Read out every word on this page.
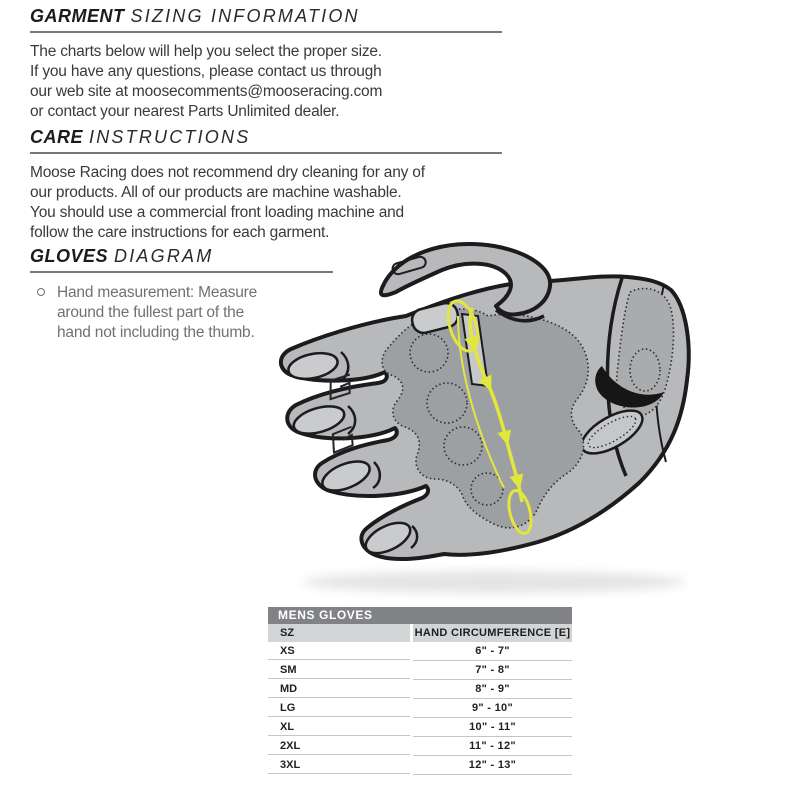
GARMENT SIZING INFORMATION
The charts below will help you select the proper size.
If you have any questions, please contact us through
our web site at moosecomments@mooseracing.com
or contact your nearest Parts Unlimited dealer.
CARE INSTRUCTIONS
Moose Racing does not recommend dry cleaning for any of
our products. All of our products are machine washable.
You should use a commercial front loading machine and
follow the care instructions for each garment.
GLOVES DIAGRAM
Hand measurement: Measure
around the fullest part of the
hand not including the thumb.
MENS GLOVES
SZ	HAND CIRCUMFERENCE [E]
XS	6" - 7"
SM	7" - 8"
MD	8" - 9"
LG	9" - 10"
XL	10" - 11"
2XL	11" - 12"
3XL	12" - 13"
